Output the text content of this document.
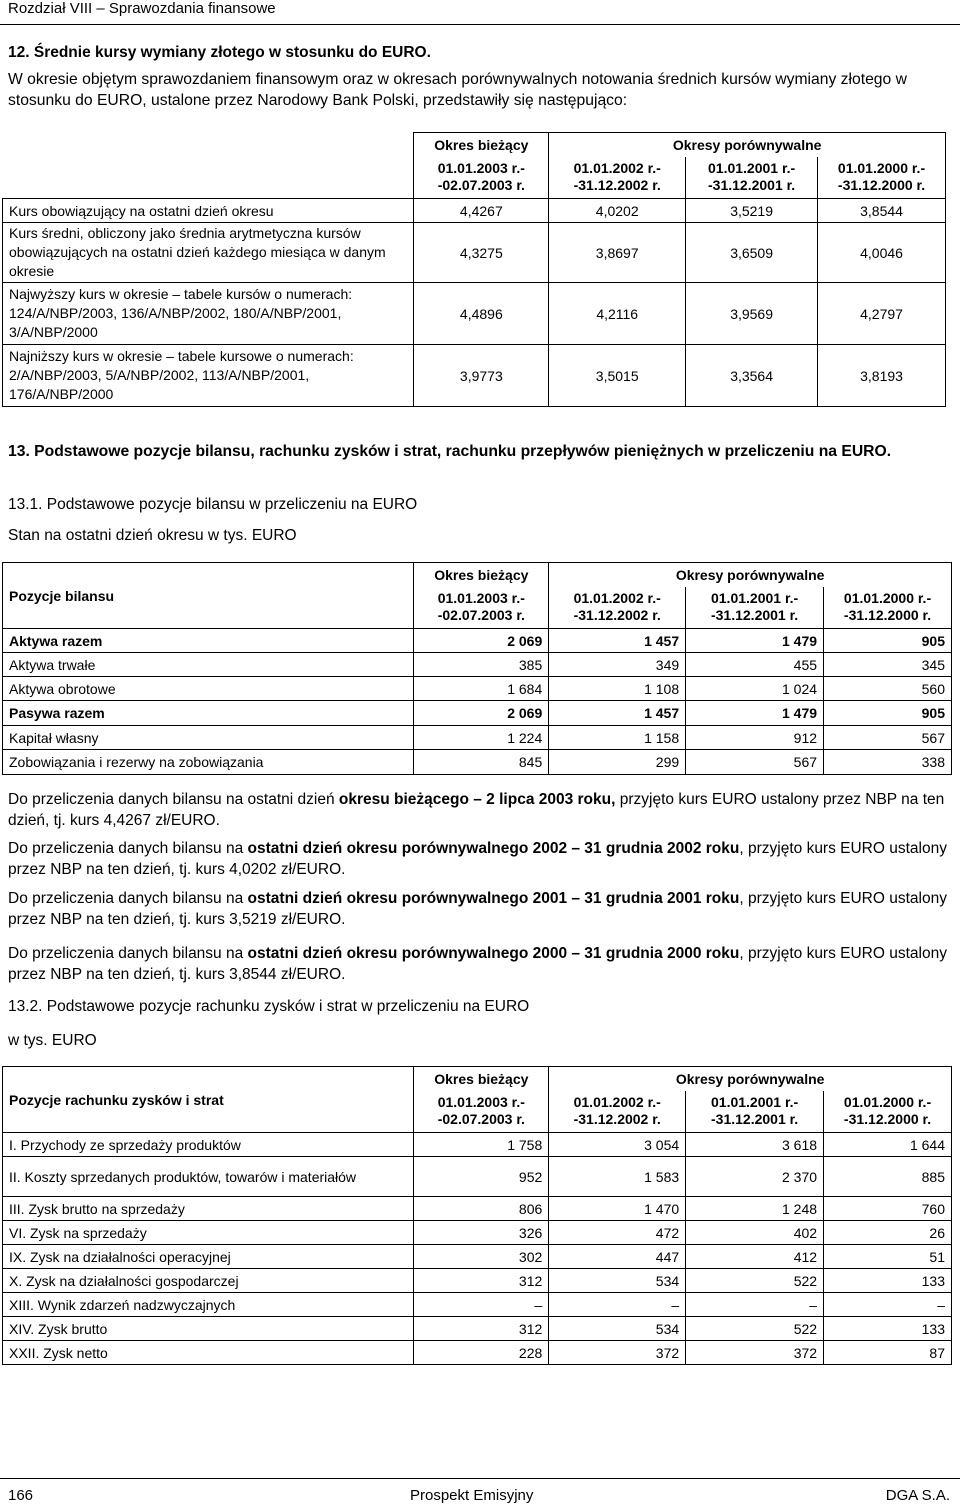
Rozdział VIII – Sprawozdania finansowe
12. Średnie kursy wymiany złotego w stosunku do EURO.
W okresie objętym sprawozdaniem finansowym oraz w okresach porównywalnych notowania średnich kursów wymiany złotego w stosunku do EURO, ustalone przez Narodowy Bank Polski, przedstawiły się następująco:
	Okres bieżący	Okresy porównywalne		
	01.01.2003 r.- -02.07.2003 r.	01.01.2002 r.- -31.12.2002 r.	01.01.2001 r.- -31.12.2001 r.	01.01.2000 r.- -31.12.2000 r.
Kurs obowiązujący na ostatni dzień okresu	4,4267	4,0202	3,5219	3,8544
Kurs średni, obliczony jako średnia arytmetyczna kursów obowiązujących na ostatni dzień każdego miesiąca w danym okresie	4,3275	3,8697	3,6509	4,0046
Najwyższy kurs w okresie – tabele kursów o numerach: 124/A/NBP/2003, 136/A/NBP/2002, 180/A/NBP/2001, 3/A/NBP/2000	4,4896	4,2116	3,9569	4,2797
Najniższy kurs w okresie – tabele kursowe o numerach: 2/A/NBP/2003, 5/A/NBP/2002, 113/A/NBP/2001, 176/A/NBP/2000	3,9773	3,5015	3,3564	3,8193
13. Podstawowe pozycje bilansu, rachunku zysków i strat, rachunku przepływów pieniężnych w przeliczeniu na EURO.
13.1. Podstawowe pozycje bilansu w przeliczeniu na EURO
Stan na ostatni dzień okresu w tys. EURO
Pozycje bilansu	Okres bieżący	Okresy porównywalne		
	01.01.2003 r.- -02.07.2003 r.	01.01.2002 r.- -31.12.2002 r.	01.01.2001 r.- -31.12.2001 r.	01.01.2000 r.- -31.12.2000 r.
Aktywa razem	2 069	1 457	1 479	905
Aktywa trwałe	385	349	455	345
Aktywa obrotowe	1 684	1 108	1 024	560
Pasywa razem	2 069	1 457	1 479	905
Kapitał własny	1 224	1 158	912	567
Zobowiązania i rezerwy na zobowiązania	845	299	567	338
Do przeliczenia danych bilansu na ostatni dzień okresu bieżącego – 2 lipca 2003 roku, przyjęto kurs EURO ustalony przez NBP na ten dzień, tj. kurs 4,4267 zł/EURO.
Do przeliczenia danych bilansu na ostatni dzień okresu porównywalnego 2002 – 31 grudnia 2002 roku, przyjęto kurs EURO ustalony przez NBP na ten dzień, tj. kurs 4,0202 zł/EURO.
Do przeliczenia danych bilansu na ostatni dzień okresu porównywalnego 2001 – 31 grudnia 2001 roku, przyjęto kurs EURO ustalony przez NBP na ten dzień, tj. kurs 3,5219 zł/EURO.
Do przeliczenia danych bilansu na ostatni dzień okresu porównywalnego 2000 – 31 grudnia 2000 roku, przyjęto kurs EURO ustalony przez NBP na ten dzień, tj. kurs 3,8544 zł/EURO.
13.2. Podstawowe pozycje rachunku zysków i strat w przeliczeniu na EURO
w tys. EURO
Pozycje rachunku zysków i strat	Okres bieżący	Okresy porównywalne		
	01.01.2003 r.- -02.07.2003 r.	01.01.2002 r.- -31.12.2002 r.	01.01.2001 r.- -31.12.2001 r.	01.01.2000 r.- -31.12.2000 r.
I. Przychody ze sprzedaży produktów	1 758	3 054	3 618	1 644
II. Koszty sprzedanych produktów, towarów i materiałów	952	1 583	2 370	885
III. Zysk brutto na sprzedaży	806	1 470	1 248	760
VI. Zysk na sprzedaży	326	472	402	26
IX. Zysk na działalności operacyjnej	302	447	412	51
X. Zysk na działalności gospodarczej	312	534	522	133
XIII. Wynik zdarzeń nadzwyczajnych	–	–	–	–
XIV. Zysk brutto	312	534	522	133
XXII. Zysk netto	228	372	372	87
166	Prospekt Emisyjny	DGA S.A.
